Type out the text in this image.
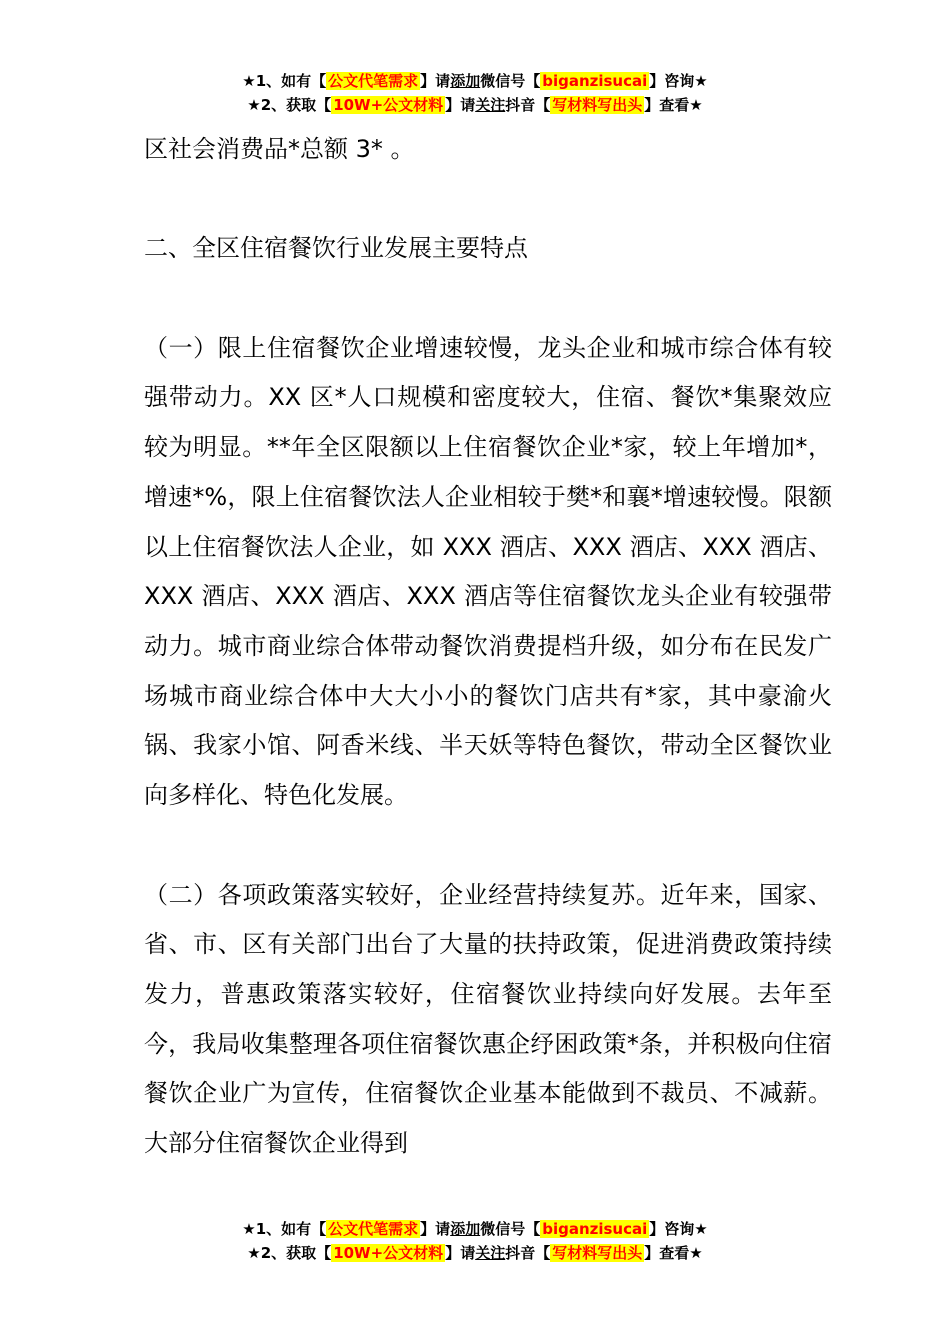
★1、如有【 公文代笔需求 】请添加微信号【 biganzisucai 】咨询★
★2、获取【 10W+公文材料 】请关注抖音【 写材料写出头 】查看★

区社会消费品*总额 3* 。

二、全区住宿餐饮行业发展主要特点

（一）限上住宿餐饮企业增速较慢，龙头企业和城市综合体有较强带动力。XX 区*人口规模和密度较大，住宿、餐饮*集聚效应较为明显。**年全区限额以上住宿餐饮企业*家，较上年增加*，增速*%，限上住宿餐饮法人企业相较于樊*和襄*增速较慢。限额以上住宿餐饮法人企业，如 XXX 酒店、XXX 酒店、XXX 酒店、XXX 酒店、XXX 酒店、XXX 酒店等住宿餐饮龙头企业有较强带动力。城市商业综合体带动餐饮消费提档升级，如分布在民发广场城市商业综合体中大大小小的餐饮门店共有*家，其中豪渝火锅、我家小馆、阿香米线、半天妖等特色餐饮，带动全区餐饮业向多样化、特色化发展。

（二）各项政策落实较好，企业经营持续复苏。近年来，国家、省、市、区有关部门出台了大量的扶持政策，促进消费政策持续发力，普惠政策落实较好，住宿餐饮业持续向好发展。去年至今，我局收集整理各项住宿餐饮惠企纾困政策*条，并积极向住宿餐饮企业广为宣传，住宿餐饮企业基本能做到不裁员、不减薪。大部分住宿餐饮企业得到

★1、如有【 公文代笔需求 】请添加微信号【 biganzisucai 】咨询★
★2、获取【 10W+公文材料 】请关注抖音【 写材料写出头 】查看★
